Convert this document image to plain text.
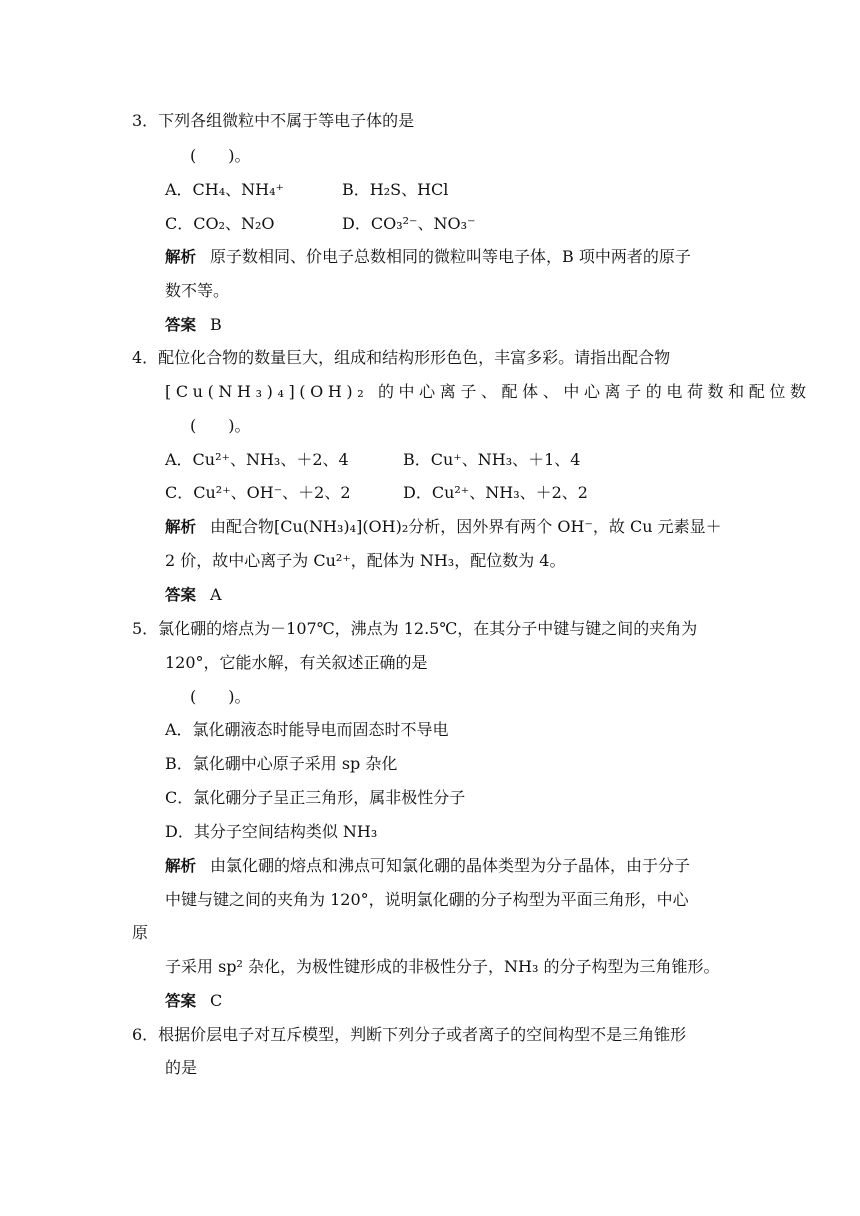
3．下列各组微粒中不属于等电子体的是
(　　)。
A．CH₄、NH₄⁺	B．H₂S、HCl
C．CO₂、N₂O	D．CO₃²⁻、NO₃⁻
解析 原子数相同、价电子总数相同的微粒叫等电子体，B 项中两者的原子
数不等。
答案 B
4．配位化合物的数量巨大，组成和结构形形色色，丰富多彩。请指出配合物
[Cu(NH₃)₄](OH)₂ 的中心离子、配体、中心离子的电荷数和配位数
(　　)。
A．Cu²⁺、NH₃、＋2、4	B．Cu⁺、NH₃、＋1、4
C．Cu²⁺、OH⁻、＋2、2	D．Cu²⁺、NH₃、＋2、2
解析 由配合物[Cu(NH₃)₄](OH)₂分析，因外界有两个 OH⁻，故 Cu 元素显＋
2 价，故中心离子为 Cu²⁺，配体为 NH₃，配位数为 4。
答案 A
5．氯化硼的熔点为－107℃，沸点为 12.5℃，在其分子中键与键之间的夹角为
120°，它能水解，有关叙述正确的是
(　　)。
A．氯化硼液态时能导电而固态时不导电
B．氯化硼中心原子采用 sp 杂化
C．氯化硼分子呈正三角形，属非极性分子
D．其分子空间结构类似 NH₃
解析 由氯化硼的熔点和沸点可知氯化硼的晶体类型为分子晶体，由于分子
中键与键之间的夹角为 120°，说明氯化硼的分子构型为平面三角形，中心
原
子采用 sp² 杂化，为极性键形成的非极性分子，NH₃ 的分子构型为三角锥形。
答案 C
6．根据价层电子对互斥模型，判断下列分子或者离子的空间构型不是三角锥形
的是
